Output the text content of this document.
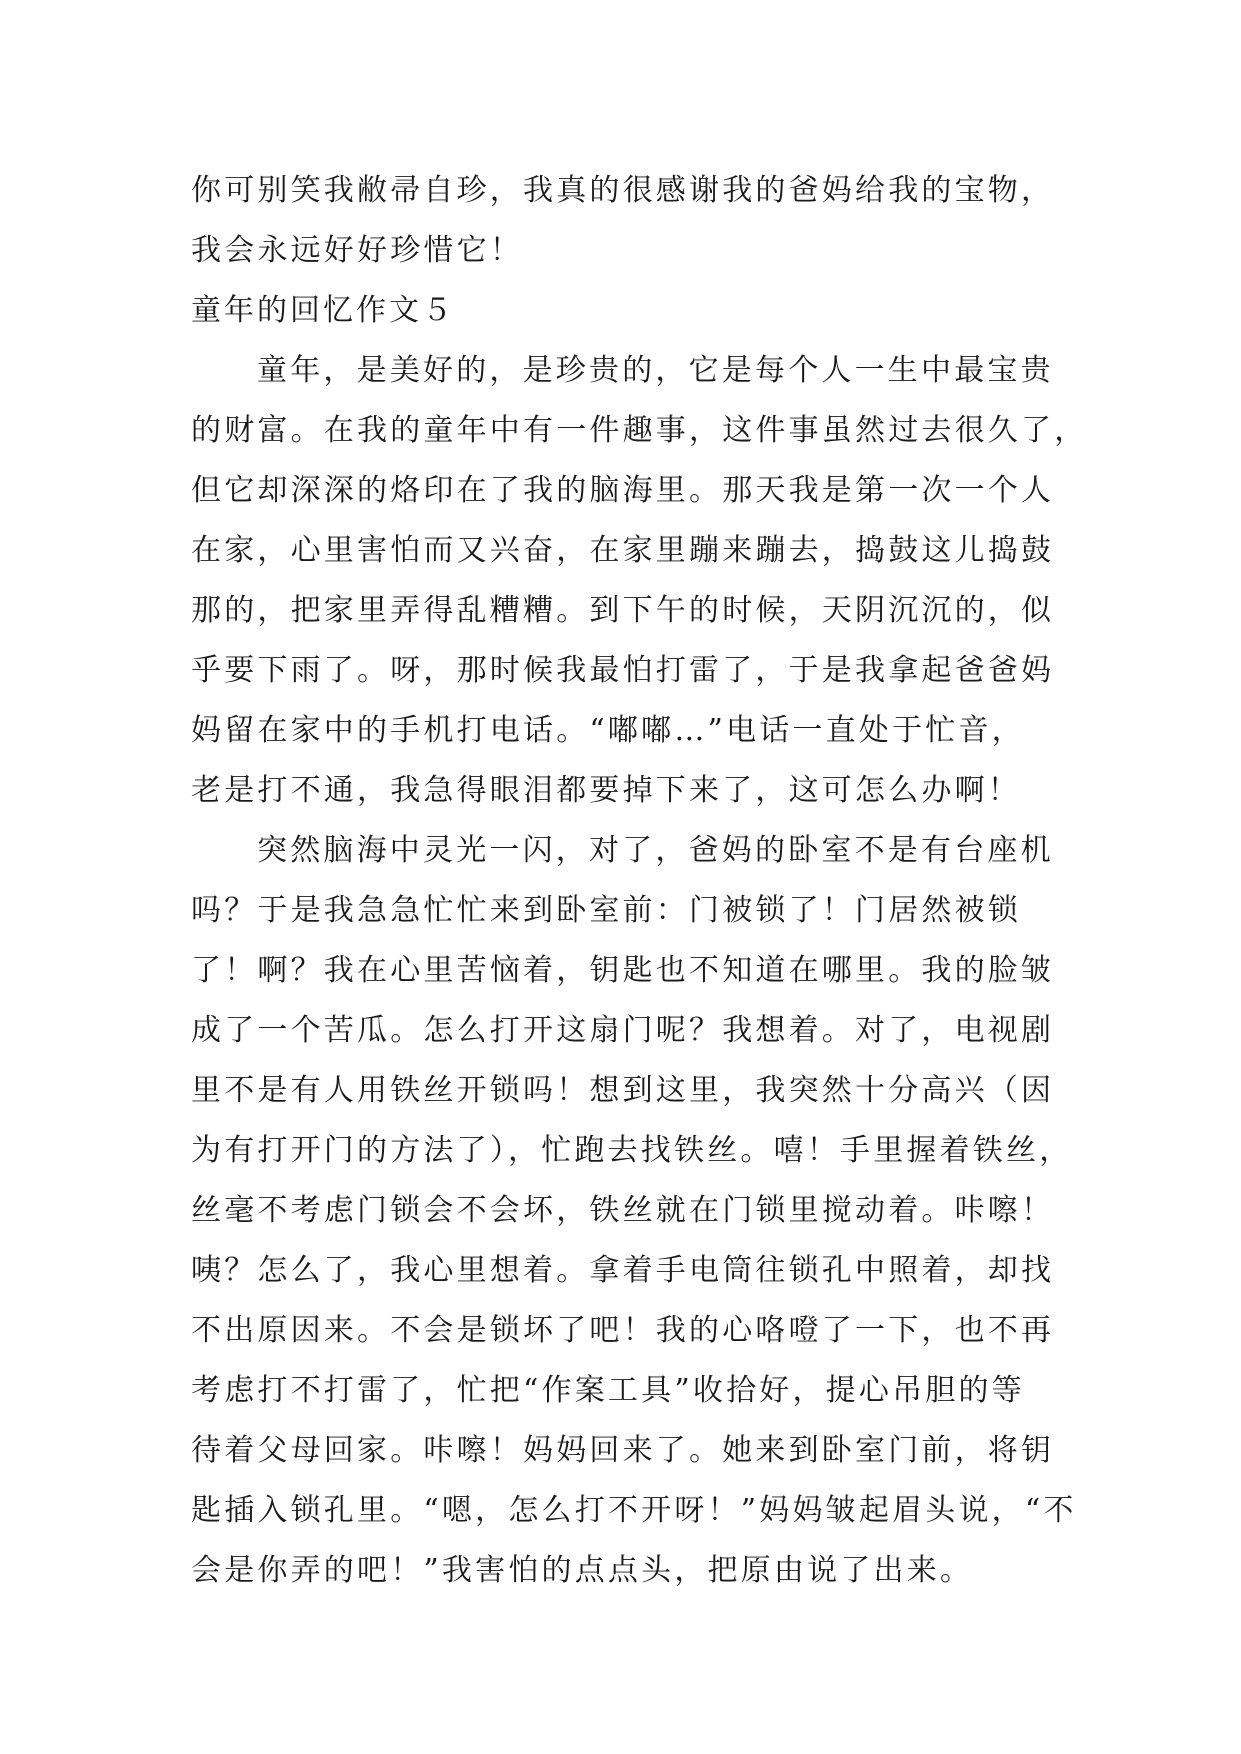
你可别笑我敝帚自珍，我真的很感谢我的爸妈给我的宝物，
我会永远好好珍惜它！
童年的回忆作文５
童年，是美好的，是珍贵的，它是每个人一生中最宝贵
的财富。在我的童年中有一件趣事，这件事虽然过去很久了，
但它却深深的烙印在了我的脑海里。那天我是第一次一个人
在家，心里害怕而又兴奋，在家里蹦来蹦去，捣鼓这儿捣鼓
那的，把家里弄得乱糟糟。到下午的时候，天阴沉沉的，似
乎要下雨了。呀，那时候我最怕打雷了，于是我拿起爸爸妈
妈留在家中的手机打电话。“嘟嘟…”电话一直处于忙音，
老是打不通，我急得眼泪都要掉下来了，这可怎么办啊！
突然脑海中灵光一闪，对了，爸妈的卧室不是有台座机
吗？于是我急急忙忙来到卧室前：门被锁了！门居然被锁
了！啊？我在心里苦恼着，钥匙也不知道在哪里。我的脸皱
成了一个苦瓜。怎么打开这扇门呢？我想着。对了，电视剧
里不是有人用铁丝开锁吗！想到这里，我突然十分高兴（因
为有打开门的方法了），忙跑去找铁丝。嘻！手里握着铁丝，
丝毫不考虑门锁会不会坏，铁丝就在门锁里搅动着。咔嚓！
咦？怎么了，我心里想着。拿着手电筒往锁孔中照着，却找
不出原因来。不会是锁坏了吧！我的心咯噔了一下，也不再
考虑打不打雷了，忙把“作案工具”收拾好，提心吊胆的等
待着父母回家。咔嚓！妈妈回来了。她来到卧室门前，将钥
匙插入锁孔里。“嗯，怎么打不开呀！”妈妈皱起眉头说，“不
会是你弄的吧！”我害怕的点点头，把原由说了出来。
